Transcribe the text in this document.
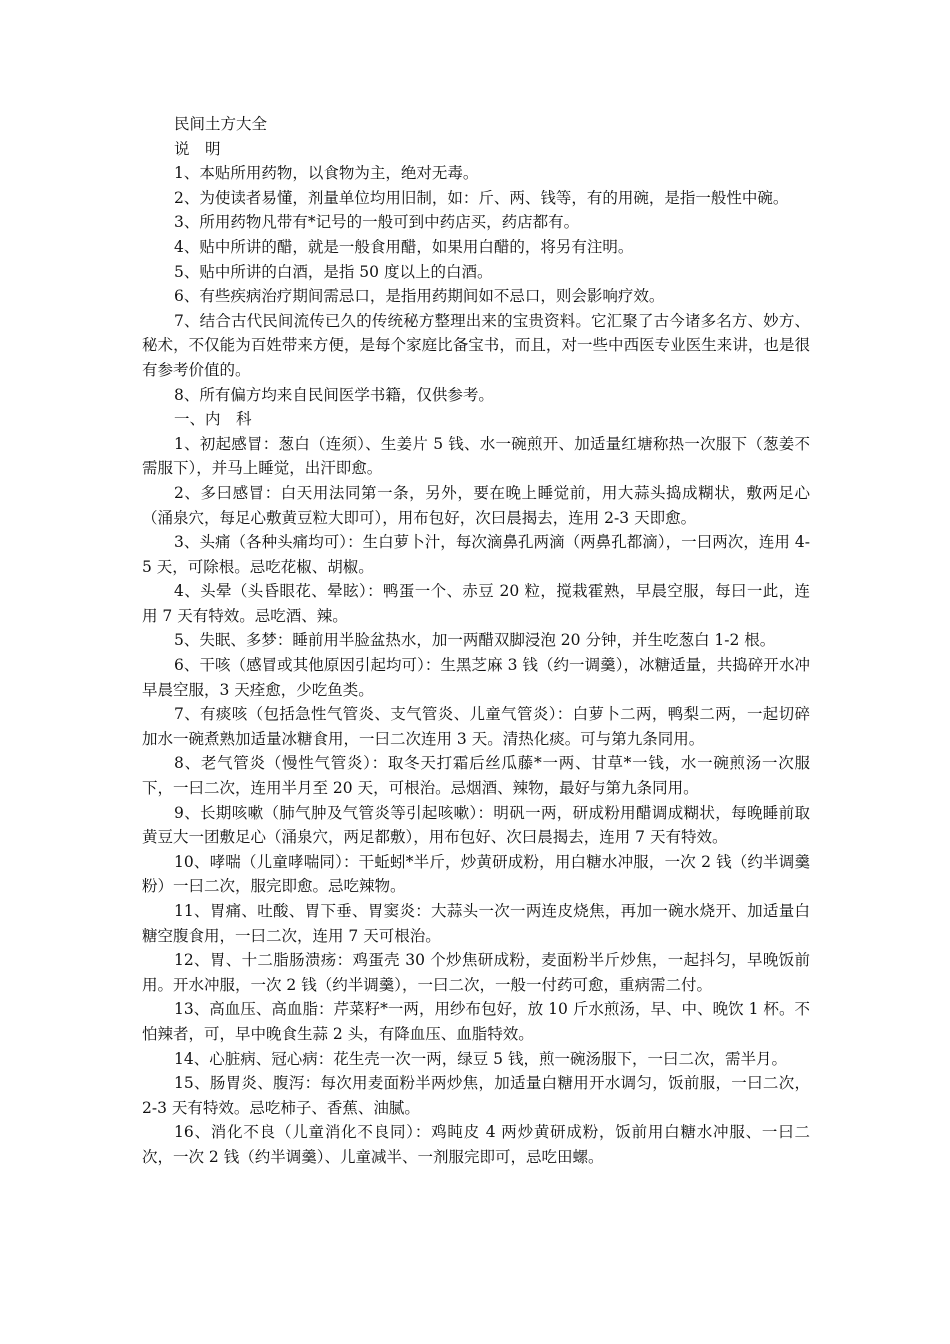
民间土方大全

说　明

1、本贴所用药物，以食物为主，绝对无毒。

2、为使读者易懂，剂量单位均用旧制，如：斤、两、钱等，有的用碗，是指一般性中碗。

3、所用药物凡带有*记号的一般可到中药店买，药店都有。

4、贴中所讲的醋，就是一般食用醋，如果用白醋的，将另有注明。

5、贴中所讲的白酒，是指 50 度以上的白酒。

6、有些疾病治疗期间需忌口，是指用药期间如不忌口，则会影响疗效。

7、结合古代民间流传已久的传统秘方整理出来的宝贵资料。它汇聚了古今诸多名方、妙方、秘术，不仅能为百姓带来方便，是每个家庭比备宝书，而且，对一些中西医专业医生来讲，也是很有参考价值的。

8、所有偏方均来自民间医学书籍，仅供参考。

一、内　科

1、初起感冒：葱白（连须）、生姜片 5 钱、水一碗煎开、加适量红塘称热一次服下（葱姜不需服下），并马上睡觉，出汗即愈。

2、多曰感冒：白天用法同第一条，另外，要在晚上睡觉前，用大蒜头捣成糊状，敷两足心（涌泉穴，每足心敷黄豆粒大即可），用布包好，次曰晨揭去，连用 2-3 天即愈。

3、头痛（各种头痛均可）：生白萝卜汁，每次滴鼻孔两滴（两鼻孔都滴），一曰两次，连用 4-5 天，可除根。忌吃花椒、胡椒。

4、头晕（头昏眼花、晕眩）：鸭蛋一个、赤豆 20 粒，搅栽霍熟，早晨空服，每曰一此，连用 7 天有特效。忌吃酒、辣。

5、失眠、多梦：睡前用半脸盆热水，加一两醋双脚浸泡 20 分钟，并生吃葱白 1-2 根。

6、干咳（感冒或其他原因引起均可）：生黑芝麻 3 钱（约一调羹），冰糖适量，共捣碎开水冲早晨空服，3 天痊愈，少吃鱼类。

7、有痰咳（包括急性气管炎、支气管炎、儿童气管炎）：白萝卜二两，鸭梨二两，一起切碎加水一碗煮熟加适量冰糖食用，一曰二次连用 3 天。清热化痰。可与第九条同用。

8、老气管炎（慢性气管炎）：取冬天打霜后丝瓜藤*一两、甘草*一钱，水一碗煎汤一次服下，一曰二次，连用半月至 20 天，可根治。忌烟酒、辣物，最好与第九条同用。

9、长期咳嗽（肺气肿及气管炎等引起咳嗽）：明矾一两，研成粉用醋调成糊状，每晚睡前取黄豆大一团敷足心（涌泉穴，两足都敷），用布包好、次曰晨揭去，连用 7 天有特效。

10、哮喘（儿童哮喘同）：干蚯蚓*半斤，炒黄研成粉，用白糖水冲服，一次 2 钱（约半调羹粉）一曰二次，服完即愈。忌吃辣物。

11、胃痛、吐酸、胃下垂、胃窦炎：大蒜头一次一两连皮烧焦，再加一碗水烧开、加适量白糖空腹食用，一曰二次，连用 7 天可根治。

12、胃、十二脂肠溃疡：鸡蛋壳 30 个炒焦研成粉，麦面粉半斤炒焦，一起抖匀，早晚饭前用。开水冲服，一次 2 钱（约半调羹），一曰二次，一般一付药可愈，重病需二付。

13、高血压、高血脂：芹菜籽*一两，用纱布包好，放 10 斤水煎汤，早、中、晚饮 1 杯。不怕辣者，可，早中晚食生蒜 2 头，有降血压、血脂特效。

14、心脏病、冠心病：花生壳一次一两，绿豆 5 钱，煎一碗汤服下，一曰二次，需半月。

15、肠胃炎、腹泻：每次用麦面粉半两炒焦，加适量白糖用开水调匀，饭前服，一曰二次，2-3 天有特效。忌吃柿子、香蕉、油腻。

16、消化不良（儿童消化不良同）：鸡盹皮 4 两炒黄研成粉，饭前用白糖水冲服、一曰二次，一次 2 钱（约半调羹）、儿童减半、一剂服完即可，忌吃田螺。
